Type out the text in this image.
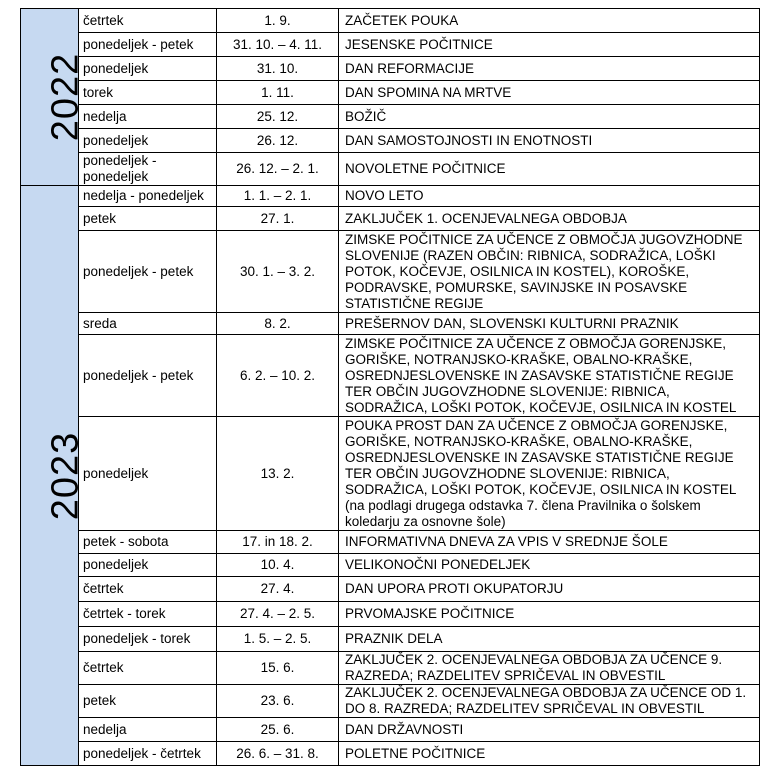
2022	četrtek	1. 9.	ZAČETEK POUKA
	ponedeljek - petek	31. 10. – 4. 11.	JESENSKE POČITNICE
	ponedeljek	31. 10.	DAN REFORMACIJE
	torek	1. 11.	DAN SPOMINA NA MRTVE
	nedelja	25. 12.	BOŽIČ
	ponedeljek	26. 12.	DAN SAMOSTOJNOSTI IN ENOTNOSTI
	ponedeljek - ponedeljek	26. 12. – 2. 1.	NOVOLETNE POČITNICE
2023	nedelja - ponedeljek	1. 1. – 2. 1.	NOVO LETO
	petek	27. 1.	ZAKLJUČEK 1. OCENJEVALNEGA OBDOBJA
	ponedeljek - petek	30. 1. – 3. 2.	ZIMSKE POČITNICE ZA UČENCE Z OBMOČJA JUGOVZHODNE SLOVENIJE (RAZEN OBČIN: RIBNICA, SODRAŽICA, LOŠKI POTOK, KOČEVJE, OSILNICA IN KOSTEL), KOROŠKE, PODRAVSKE, POMURSKE, SAVINJSKE IN POSAVSKE STATISTIČNE REGIJE
	sreda	8. 2.	PREŠERNOV DAN, SLOVENSKI KULTURNI PRAZNIK
	ponedeljek - petek	6. 2. – 10. 2.	ZIMSKE POČITNICE ZA UČENCE Z OBMOČJA GORENJSKE, GORIŠKE, NOTRANJSKO-KRAŠKE, OBALNO-KRAŠKE, OSREDNJESLOVENSKE IN ZASAVSKE STATISTIČNE REGIJE TER OBČIN JUGOVZHODNE SLOVENIJE: RIBNICA, SODRAŽICA, LOŠKI POTOK, KOČEVJE, OSILNICA IN KOSTEL
	ponedeljek	13. 2.	POUKA PROST DAN ZA UČENCE Z OBMOČJA GORENJSKE, GORIŠKE, NOTRANJSKO-KRAŠKE, OBALNO-KRAŠKE, OSREDNJESLOVENSKE IN ZASAVSKE STATISTIČNE REGIJE TER OBČIN JUGOVZHODNE SLOVENIJE: RIBNICA, SODRAŽICA, LOŠKI POTOK, KOČEVJE, OSILNICA IN KOSTEL (na podlagi drugega odstavka 7. člena Pravilnika o šolskem koledarju za osnovne šole)
	petek - sobota	17. in 18. 2.	INFORMATIVNA DNEVA ZA VPIS V SREDNJE ŠOLE
	ponedeljek	10. 4.	VELIKONOČNI PONEDELJEK
	četrtek	27. 4.	DAN UPORA PROTI OKUPATORJU
	četrtek - torek	27. 4. – 2. 5.	PRVOMAJSKE POČITNICE
	ponedeljek - torek	1. 5. – 2. 5.	PRAZNIK DELA
	četrtek	15. 6.	ZAKLJUČEK 2. OCENJEVALNEGA OBDOBJA ZA UČENCE 9. RAZREDA; RAZDELITEV SPRIČEVAL IN OBVESTIL
	petek	23. 6.	ZAKLJUČEK 2. OCENJEVALNEGA OBDOBJA ZA UČENCE OD 1. DO 8. RAZREDA; RAZDELITEV SPRIČEVAL IN OBVESTIL
	nedelja	25. 6.	DAN DRŽAVNOSTI
	ponedeljek - četrtek	26. 6. – 31. 8.	POLETNE POČITNICE
